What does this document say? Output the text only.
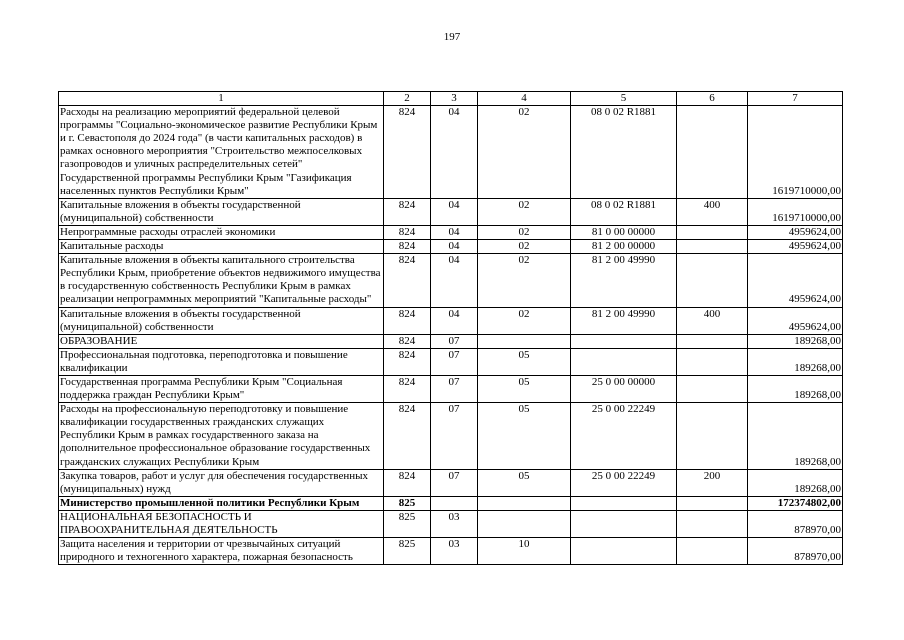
197
1	2	3	4	5	6	7
Расходы на реализацию мероприятий федеральной целевой программы "Социально-экономическое развитие Республики Крым и г. Севастополя до 2024 года" (в части капитальных расходов) в рамках основного мероприятия "Строительство межпоселковых газопроводов и уличных распределительных сетей" Государственной программы Республики Крым "Газификация населенных пунктов Республики Крым"	824	04	02	08 0 02 R1881		1619710000,00
Капитальные вложения в объекты государственной (муниципальной) собственности	824	04	02	08 0 02 R1881	400	1619710000,00
Непрограммные расходы отраслей экономики	824	04	02	81 0 00 00000		4959624,00
Капитальные расходы	824	04	02	81 2 00 00000		4959624,00
Капитальные вложения в объекты капитального строительства Республики Крым, приобретение объектов недвижимого имущества в государственную собственность Республики Крым в рамках реализации непрограммных мероприятий "Капитальные расходы"	824	04	02	81 2 00 49990		4959624,00
Капитальные вложения в объекты государственной (муниципальной) собственности	824	04	02	81 2 00 49990	400	4959624,00
ОБРАЗОВАНИЕ	824	07				189268,00
Профессиональная подготовка, переподготовка и повышение квалификации	824	07	05			189268,00
Государственная программа Республики Крым "Социальная поддержка граждан Республики Крым"	824	07	05	25 0 00 00000		189268,00
Расходы на профессиональную переподготовку и повышение квалификации государственных гражданских служащих Республики Крым в рамках государственного заказа на дополнительное профессиональное образование государственных гражданских служащих Республики Крым	824	07	05	25 0 00 22249		189268,00
Закупка товаров, работ и услуг для обеспечения государственных (муниципальных) нужд	824	07	05	25 0 00 22249	200	189268,00
Министерство промышленной политики Республики Крым	825					172374802,00
НАЦИОНАЛЬНАЯ БЕЗОПАСНОСТЬ И ПРАВООХРАНИТЕЛЬНАЯ ДЕЯТЕЛЬНОСТЬ	825	03				878970,00
Защита населения и территории от чрезвычайных ситуаций природного и техногенного характера, пожарная безопасность	825	03	10			878970,00
